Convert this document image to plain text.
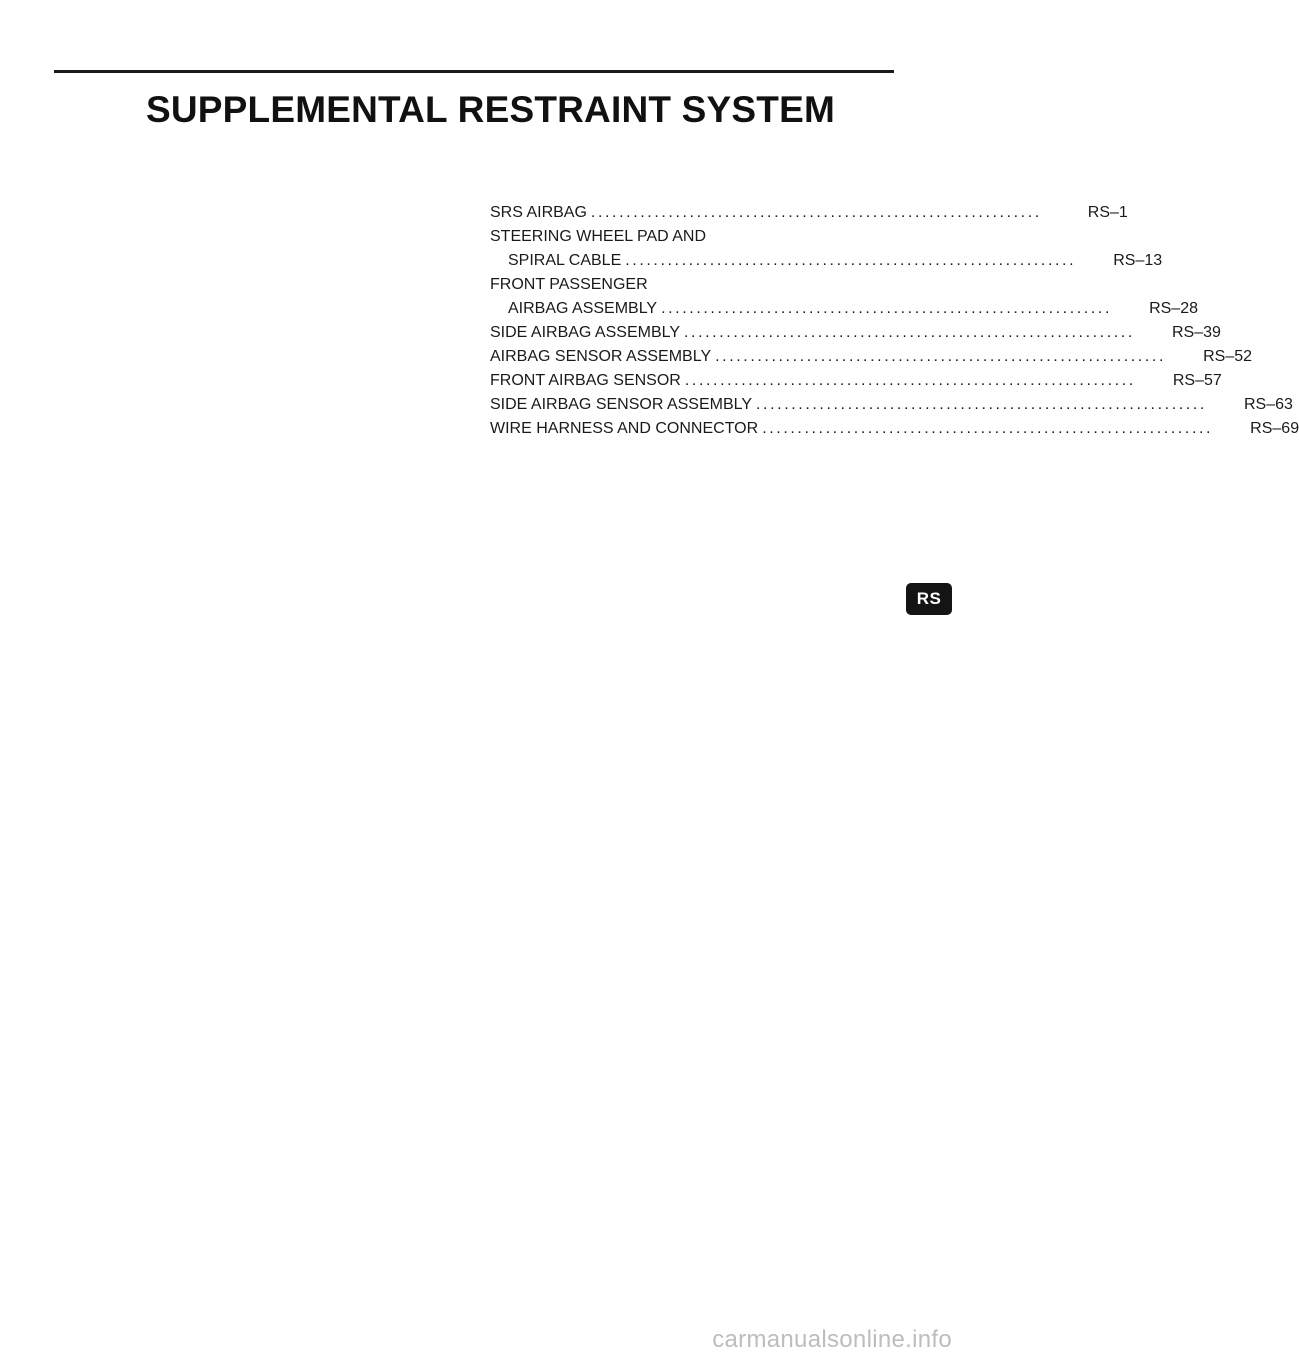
SUPPLEMENTAL RESTRAINT SYSTEM
SRS AIRBAG ................................................................	RS–1
STEERING WHEEL PAD AND
SPIRAL CABLE ................................................................	RS–13
FRONT PASSENGER
AIRBAG ASSEMBLY ................................................................	RS–28
SIDE AIRBAG ASSEMBLY ................................................................	RS–39
AIRBAG SENSOR ASSEMBLY ................................................................	RS–52
FRONT AIRBAG SENSOR ................................................................	RS–57
SIDE AIRBAG SENSOR ASSEMBLY ................................................................	RS–63
WIRE HARNESS AND CONNECTOR ................................................................	RS–69
RS
carmanualsonline.info
